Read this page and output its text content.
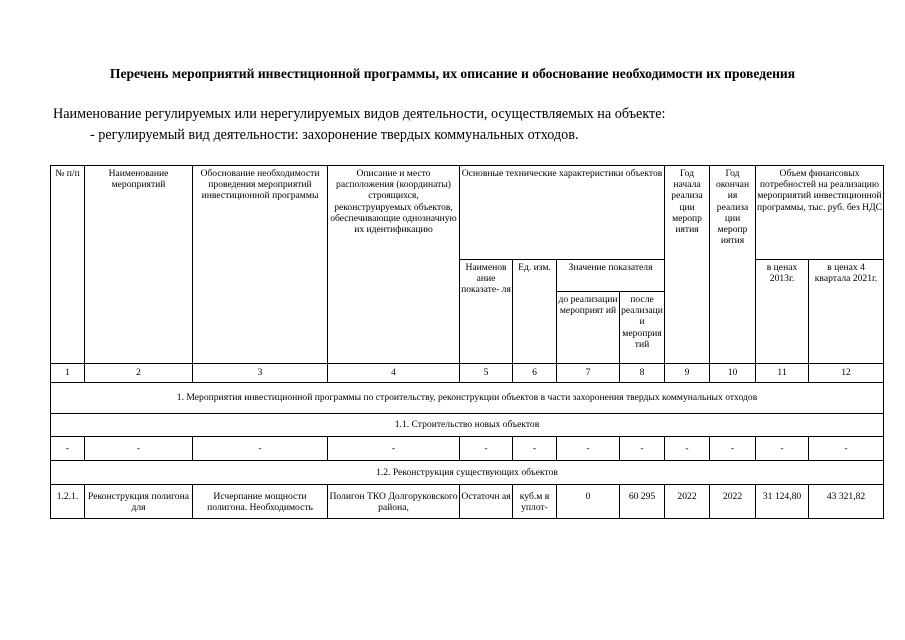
Перечень мероприятий инвестиционной программы, их описание и обоснование необходимости их проведения
Наименование регулируемых или нерегулируемых видов деятельности, осуществляемых на объекте:
- регулируемый вид деятельности: захоронение твердых коммунальных отходов.
№ п/п	Наименование мероприятий	Обоснование необходимости проведения мероприятий инвестиционной программы	Описание и место расположения (координаты) строящихся, реконструируемых объектов, обеспечивающие однозначную их идентификацию	Основные технические характеристики объектов				Год начала реализа ции меропр иятия	Год окончан ия реализа ции меропр иятия	Объем финансовых потребностей на реализацию мероприятий инвестиционной программы, тыс. руб. без НДС	
				Наименов ание показате- ля	Ед. изм.	Значение показателя				в ценах 2013г.	в ценах 4 квартала 2021г.
						до реализации мероприят ий	после реализаци и мероприя тий				
1	2	3	4	5	6	7	8	9	10	11	12
1. Мероприятия инвестиционной программы по строительству, реконструкции объектов в части захоронения твердых коммунальных отходов											
1.1. Строительство новых объектов											
-	-	-	-	-	-	-	-	-	-	-	-
1.2. Реконструкция существующих объектов											
1.2.1.	Реконструкция полигона для	Исчерпание мощности полигона. Необходимость	Полигон ТКО Долгоруковского района,	Остаточн ая	куб.м в уплот-	0	60 295	2022	2022	31 124,80	43 321,82
